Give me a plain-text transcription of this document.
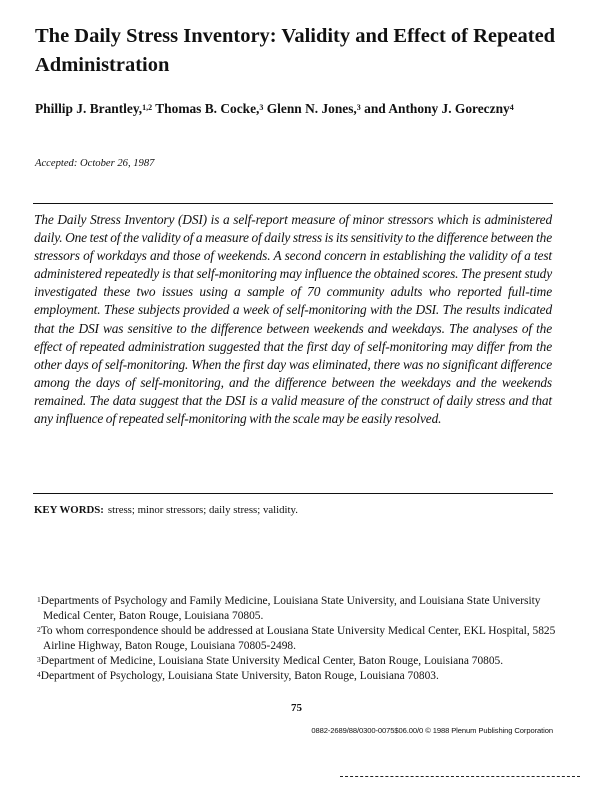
The Daily Stress Inventory: Validity and Effect of Repeated Administration
Phillip J. Brantley,$^{1,2}$ Thomas B. Cocke,$^3$ Glenn N. Jones,$^3$ and Anthony J. Goreczny$^4$
Accepted: October 26, 1987
The Daily Stress Inventory (DSI) is a self-report measure of minor stressors which is administered daily. One test of the validity of a measure of daily stress is its sensitivity to the difference between the stressors of workdays and those of weekends. A second concern in establishing the validity of a test administered repeatedly is that self-monitoring may influence the obtained scores. The present study investigated these two issues using a sample of 70 community adults who reported full-time employment. These subjects provided a week of self-monitoring with the DSI. The results indicated that the DSI was sensitive to the difference between weekends and weekdays. The analyses of the effect of repeated administration suggested that the first day of self-monitoring may differ from the other days of self-monitoring. When the first day was eliminated, there was no significant difference among the days of self-monitoring, and the difference between the weekdays and the weekends remained. The data suggest that the DSI is a valid measure of the construct of daily stress and that any influence of repeated self-monitoring with the scale may be easily resolved.
KEY WORDS: stress; minor stressors; daily stress; validity.
$^1$Departments of Psychology and Family Medicine, Louisiana State University, and Louisiana State University Medical Center, Baton Rouge, Louisiana 70805.
$^2$To whom correspondence should be addressed at Lousiana State University Medical Center, EKL Hospital, 5825 Airline Highway, Baton Rouge, Louisiana 70805-2498.
$^3$Department of Medicine, Louisiana State University Medical Center, Baton Rouge, Louisiana 70805.
$^4$Department of Psychology, Louisiana State University, Baton Rouge, Louisiana 70803.
75
0882-2689/88/0300-0075$06.00/0 © 1988 Plenum Publishing Corporation
